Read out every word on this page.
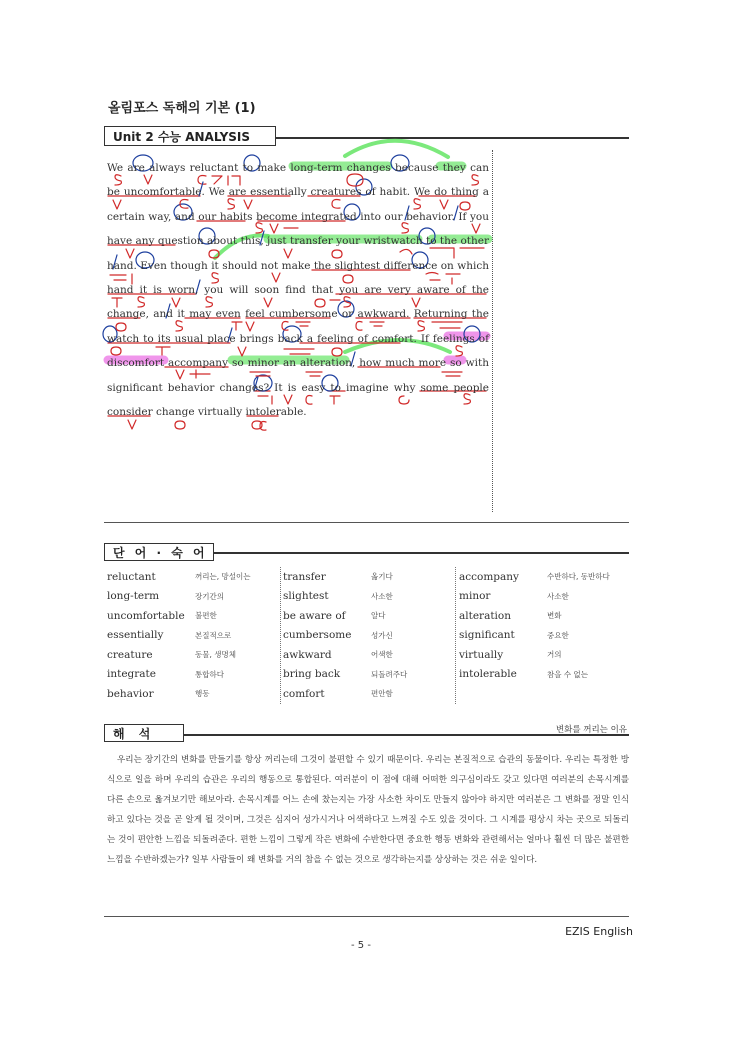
올림포스 독해의 기본 (1)
Unit 2 수능 ANALYSIS
We are always reluctant to make long-term changes because they can be uncomfortable. We are essentially creatures of habit. We do thing a certain way, and our habits become integrated into our behavior. If you have any question about this, just transfer your wristwatch to the other hand. Even though it should not make the slightest difference on which hand it is worn, you will soon find that you are very aware of the change, and it may even feel cumbersome or awkward. Returning the watch to its usual place brings back a feeling of comfort. If feelings of discomfort accompany so minor an alteration, how much more so with significant behavior changes? It is easy to imagine why some people consider change virtually intolerable.
단 어 · 숙 어
reluctant	꺼리는, 망설이는
long-term	장기간의
uncomfortable	불편한
essentially	본질적으로
creature	동물, 생명체
integrate	통합하다
behavior	행동
transfer	옮기다
slightest	사소한
be aware of	알다
cumbersome	성가신
awkward	어색한
bring back	되돌려주다
comfort	편안함
accompany	수반하다, 동반하다
minor	사소한
alteration	변화
significant	중요한
virtually	거의
intolerable	참을 수 없는
해 석	변화를 꺼리는 이유
우리는 장기간의 변화를 만들기를 항상 꺼리는데 그것이 불편할 수 있기 때문이다. 우리는 본질적으로 습관의 동물이다. 우리는 특정한 방식으로 일을 하며 우리의 습관은 우리의 행동으로 통합된다. 여러분이 이 점에 대해 어떠한 의구심이라도 갖고 있다면 여러분의 손목시계를 다른 손으로 옮겨보기만 해보아라. 손목시계를 어느 손에 찼는지는 가장 사소한 차이도 만들지 않아야 하지만 여러분은 그 변화를 정말 인식하고 있다는 것을 곧 알게 될 것이며, 그것은 심지어 성가시거나 어색하다고 느껴질 수도 있을 것이다. 그 시계를 평상시 차는 곳으로 되돌리는 것이 편안한 느낌을 되돌려준다. 편한 느낌이 그렇게 작은 변화에 수반한다면 중요한 행동 변화와 관련해서는 얼마나 훨씬 더 많은 불편한 느낌을 수반하겠는가? 일부 사람들이 왜 변화를 거의 참을 수 없는 것으로 생각하는지를 상상하는 것은 쉬운 일이다.
EZIS English
- 5 -
